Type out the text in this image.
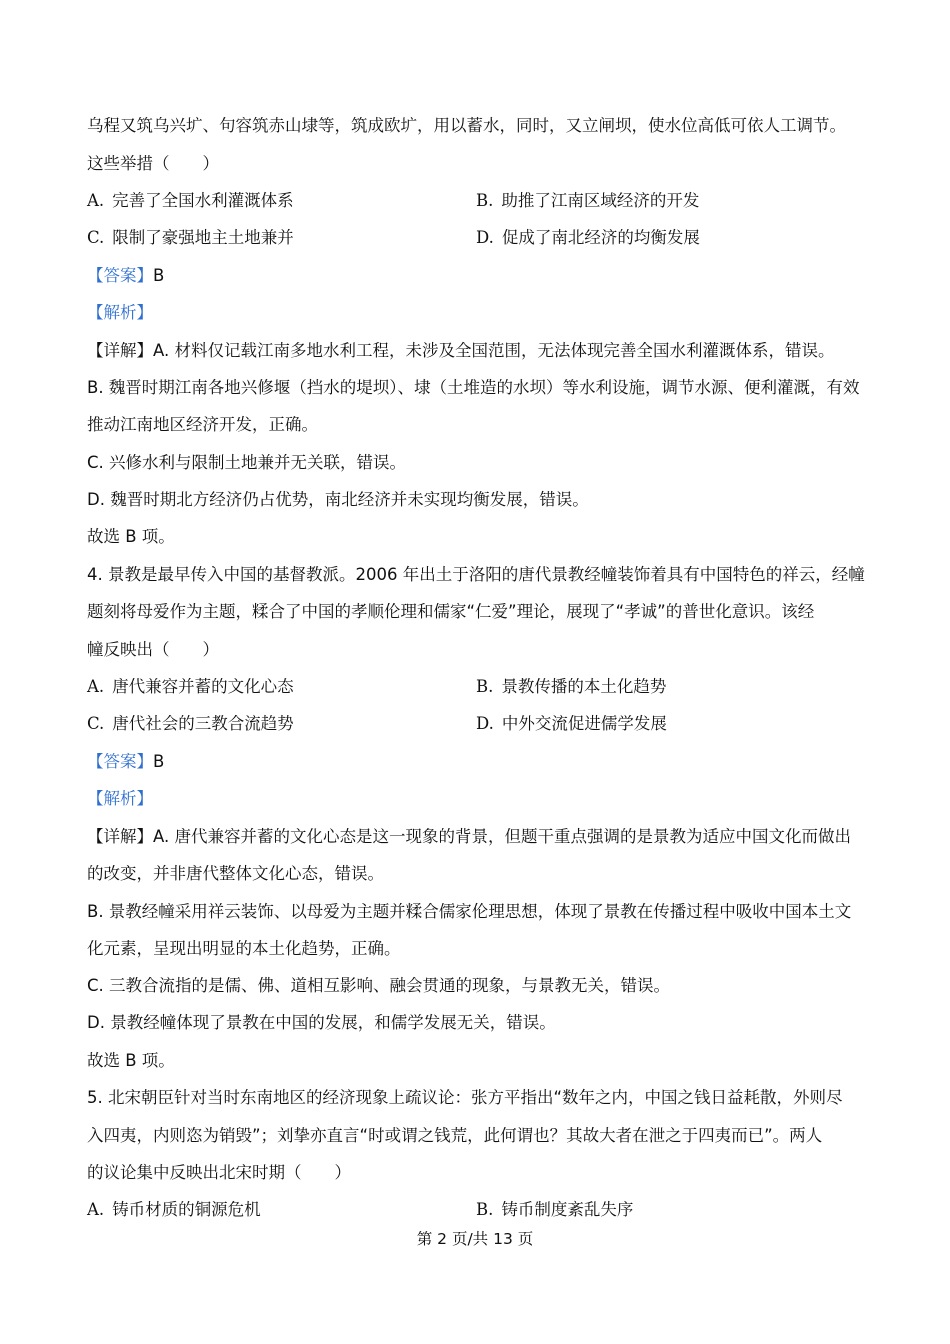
乌程又筑乌兴圹、句容筑赤山埭等，筑成欧圹，用以蓄水，同时，又立闸坝，使水位高低可依人工调节。
这些举措（　　）
A. 完善了全国水利灌溉体系	B. 助推了江南区域经济的开发
C. 限制了豪强地主土地兼并	D. 促成了南北经济的均衡发展
【答案】B
【解析】
【详解】A. 材料仅记载江南多地水利工程，未涉及全国范围，无法体现完善全国水利灌溉体系，错误。
B. 魏晋时期江南各地兴修堰（挡水的堤坝）、埭（土堆造的水坝）等水利设施，调节水源、便利灌溉，有效
推动江南地区经济开发，正确。
C. 兴修水利与限制土地兼并无关联，错误。
D. 魏晋时期北方经济仍占优势，南北经济并未实现均衡发展，错误。
故选 B 项。
4. 景教是最早传入中国的基督教派。2006 年出土于洛阳的唐代景教经幢装饰着具有中国特色的祥云，经幢
题刻将母爱作为主题，糅合了中国的孝顺伦理和儒家“仁爱”理论，展现了“孝诚”的普世化意识。该经
幢反映出（　　）
A. 唐代兼容并蓄的文化心态	B. 景教传播的本土化趋势
C. 唐代社会的三教合流趋势	D. 中外交流促进儒学发展
【答案】B
【解析】
【详解】A. 唐代兼容并蓄的文化心态是这一现象的背景，但题干重点强调的是景教为适应中国文化而做出
的改变，并非唐代整体文化心态，错误。
B. 景教经幢采用祥云装饰、以母爱为主题并糅合儒家伦理思想，体现了景教在传播过程中吸收中国本土文
化元素，呈现出明显的本土化趋势，正确。
C. 三教合流指的是儒、佛、道相互影响、融会贯通的现象，与景教无关，错误。
D. 景教经幢体现了景教在中国的发展，和儒学发展无关，错误。
故选 B 项。
5. 北宋朝臣针对当时东南地区的经济现象上疏议论：张方平指出“数年之内，中国之钱日益耗散，外则尽
入四夷，内则恣为销毁”；刘挚亦直言“时或谓之钱荒，此何谓也？其故大者在泄之于四夷而已”。两人
的议论集中反映出北宋时期（　　）
A. 铸币材质的铜源危机	B. 铸币制度紊乱失序
第 2 页/共 13 页
